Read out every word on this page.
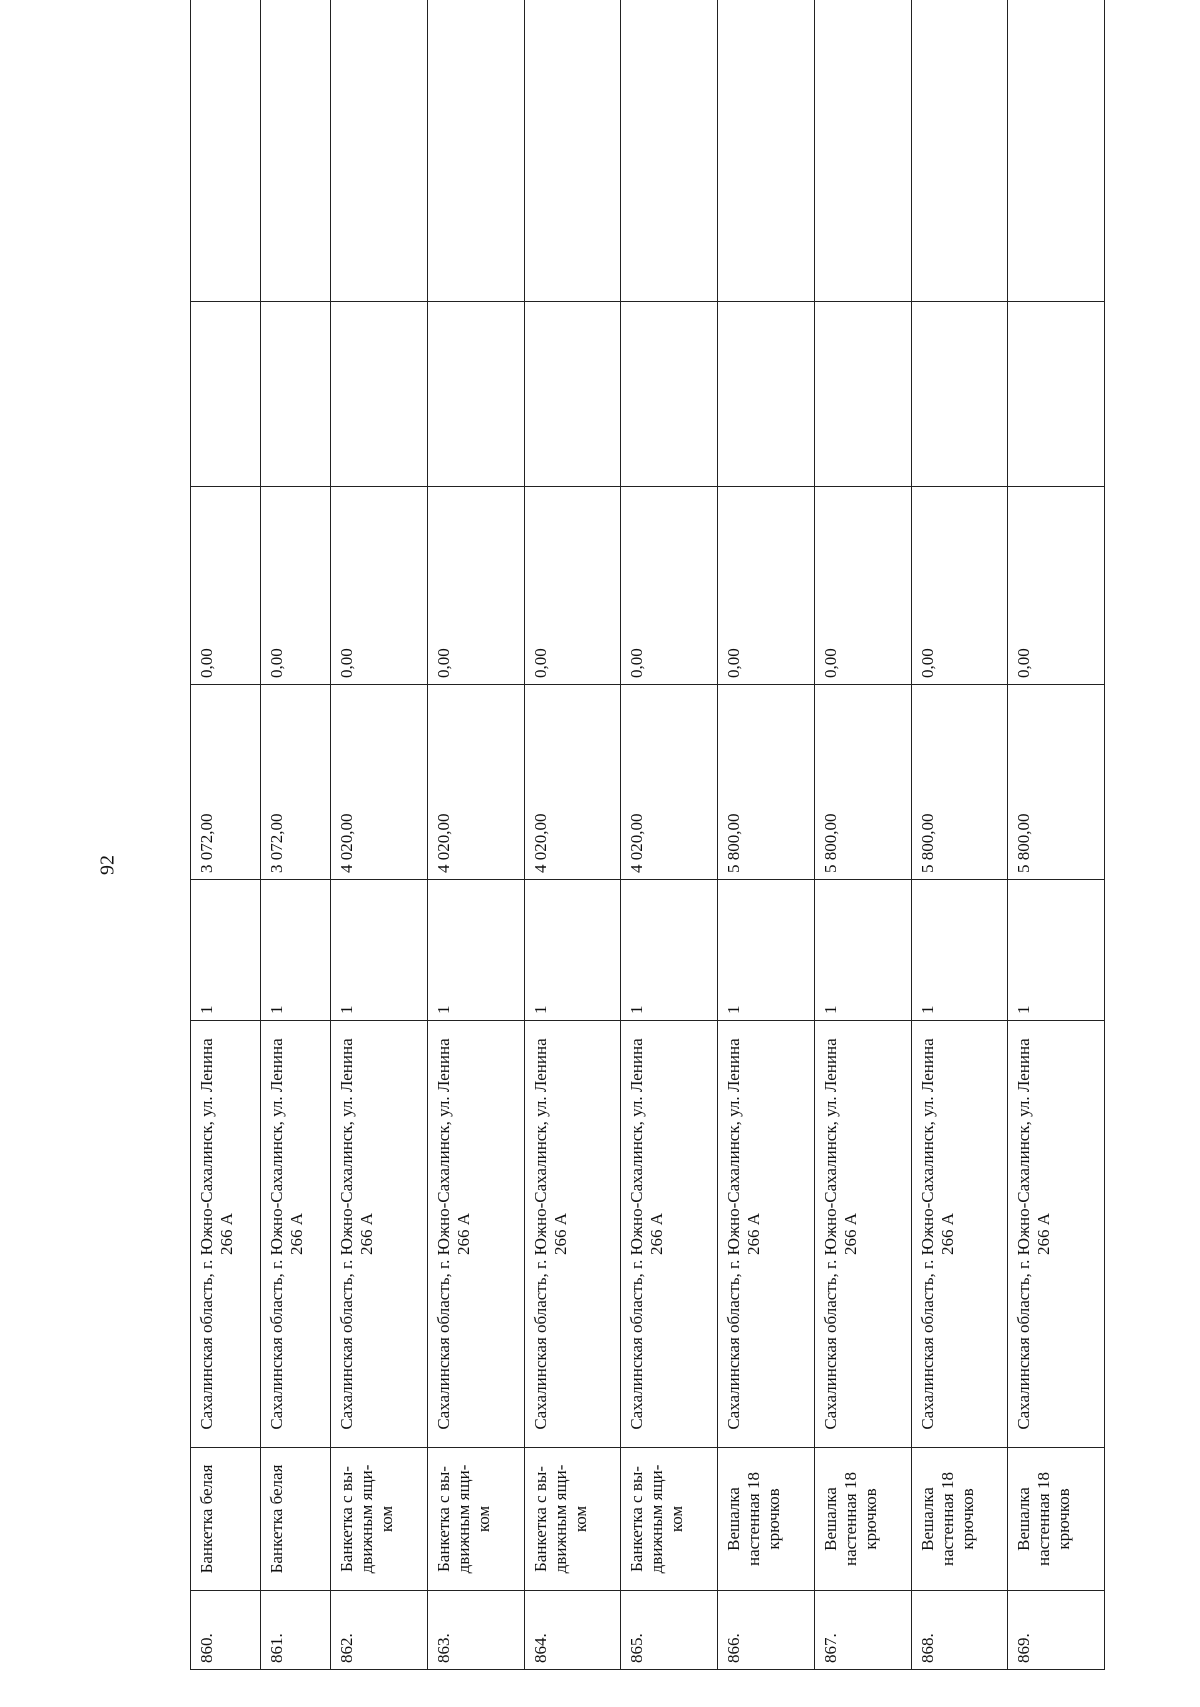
92
860.	Банкетка белая	Сахалинская область, г. Южно-Сахалинск, ул. Ленина 266 А	1	3 072,00	0,00		
861.	Банкетка белая	Сахалинская область, г. Южно-Сахалинск, ул. Ленина 266 А	1	3 072,00	0,00		
862.	Банкетка с вы-движным ящи-ком	Сахалинская область, г. Южно-Сахалинск, ул. Ленина 266 А	1	4 020,00	0,00		
863.	Банкетка с вы-движным ящи-ком	Сахалинская область, г. Южно-Сахалинск, ул. Ленина 266 А	1	4 020,00	0,00		
864.	Банкетка с вы-движным ящи-ком	Сахалинская область, г. Южно-Сахалинск, ул. Ленина 266 А	1	4 020,00	0,00		
865.	Банкетка с вы-движным ящи-ком	Сахалинская область, г. Южно-Сахалинск, ул. Ленина 266 А	1	4 020,00	0,00		
866.	Вешалка настенная 18 крючков	Сахалинская область, г. Южно-Сахалинск, ул. Ленина 266 А	1	5 800,00	0,00		
867.	Вешалка настенная 18 крючков	Сахалинская область, г. Южно-Сахалинск, ул. Ленина 266 А	1	5 800,00	0,00		
868.	Вешалка настенная 18 крючков	Сахалинская область, г. Южно-Сахалинск, ул. Ленина 266 А	1	5 800,00	0,00		
869.	Вешалка настенная 18 крючков	Сахалинская область, г. Южно-Сахалинск, ул. Ленина 266 А	1	5 800,00	0,00		
